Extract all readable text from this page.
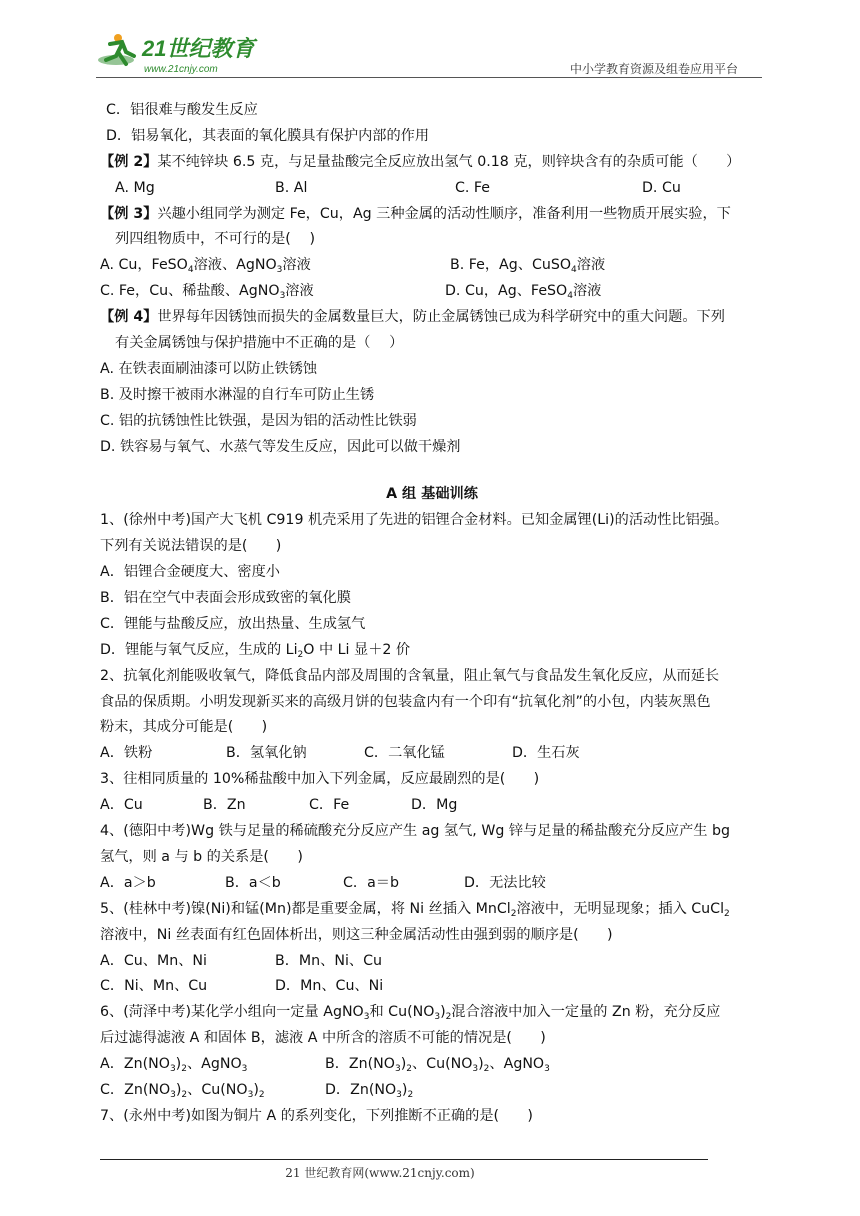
21世纪教育
www.21cnjy.com	中小学教育资源及组卷应用平台
C．铝很难与酸发生反应
D．铝易氧化，其表面的氧化膜具有保护内部的作用
【例 2】某不纯锌块 6.5 克，与足量盐酸完全反应放出氢气 0.18 克，则锌块含有的杂质可能（　　）
A. Mg	B. Al	C. Fe	D. Cu
【例 3】兴趣小组同学为测定 Fe，Cu，Ag 三种金属的活动性顺序，准备利用一些物质开展实验，下
列四组物质中，不可行的是(　 )
A. Cu，FeSO$_4$溶液、AgNO$_3$溶液	B. Fe，Ag、CuSO$_4$溶液
C. Fe，Cu、稀盐酸、AgNO$_3$溶液	D. Cu，Ag、FeSO$_4$溶液
【例 4】世界每年因锈蚀而损失的金属数量巨大，防止金属锈蚀已成为科学研究中的重大问题。下列
有关金属锈蚀与保护措施中不正确的是（　 ）
A. 在铁表面刷油漆可以防止铁锈蚀
B. 及时擦干被雨水淋湿的自行车可防止生锈
C. 铝的抗锈蚀性比铁强，是因为铝的活动性比铁弱
D. 铁容易与氧气、水蒸气等发生反应，因此可以做干燥剂
A 组 基础训练
1、(徐州中考)国产大飞机 C919 机壳采用了先进的铝锂合金材料。已知金属锂(Li)的活动性比铝强。
下列有关说法错误的是(　　)
A．铝锂合金硬度大、密度小
B．铝在空气中表面会形成致密的氧化膜
C．锂能与盐酸反应，放出热量、生成氢气
D．锂能与氧气反应，生成的 $Li_2O$ 中 Li 显＋2 价
2、抗氧化剂能吸收氧气，降低食品内部及周围的含氧量，阻止氧气与食品发生氧化反应，从而延长
食品的保质期。小明发现新买来的高级月饼的包装盒内有一个印有“抗氧化剂”的小包，内装灰黑色
粉末，其成分可能是(　　)
A．铁粉	B．氢氧化钠	C．二氧化锰	D．生石灰
3、往相同质量的 10%稀盐酸中加入下列金属，反应最剧烈的是(　　)
A．Cu	B．Zn	C．Fe	D．Mg
4、(德阳中考)Wg 铁与足量的稀硫酸充分反应产生 ag 氢气, Wg 锌与足量的稀盐酸充分反应产生 bg
氢气，则 a 与 b 的关系是(　　)
A．a＞b	B．a＜b	C．a＝b	D．无法比较
5、(桂林中考)镍(Ni)和锰(Mn)都是重要金属，将 Ni 丝插入 MnCl$_2$溶液中，无明显现象；插入 CuCl$_2$
溶液中，Ni 丝表面有红色固体析出，则这三种金属活动性由强到弱的顺序是(　　)
A．Cu、Mn、Ni	B．Mn、Ni、Cu
C．Ni、Mn、Cu	D．Mn、Cu、Ni
6、(菏泽中考)某化学小组向一定量 AgNO$_3$和 $Cu(NO_3)_2$混合溶液中加入一定量的 Zn 粉，充分反应
后过滤得滤液 A 和固体 B，滤液 A 中所含的溶质不可能的情况是(　　)
A．$Zn(NO_3)_2$、AgNO$_3$	B．$Zn(NO_3)_2$、$Cu(NO_3)_2$、AgNO$_3$
C．$Zn(NO_3)_2$、$Cu(NO_3)_2$	D．$Zn(NO_3)_2$
7、(永州中考)如图为铜片 A 的系列变化，下列推断不正确的是(　　)
21 世纪教育网(www.21cnjy.com)
